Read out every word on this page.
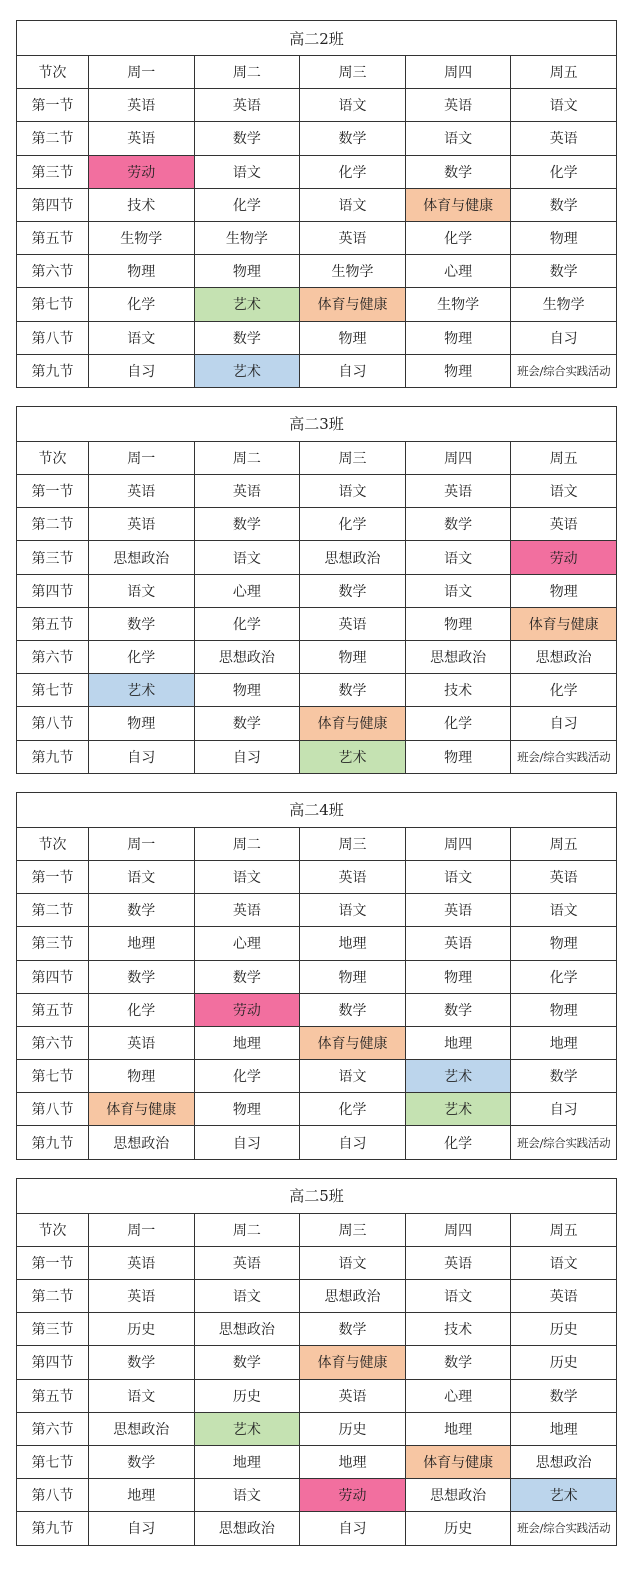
高二2班					
节次	周一	周二	周三	周四	周五
第一节	英语	英语	语文	英语	语文
第二节	英语	数学	数学	语文	英语
第三节	劳动	语文	化学	数学	化学
第四节	技术	化学	语文	体育与健康	数学
第五节	生物学	生物学	英语	化学	物理
第六节	物理	物理	生物学	心理	数学
第七节	化学	艺术	体育与健康	生物学	生物学
第八节	语文	数学	物理	物理	自习
第九节	自习	艺术	自习	物理	班会/综合实践活动
高二3班					
节次	周一	周二	周三	周四	周五
第一节	英语	英语	语文	英语	语文
第二节	英语	数学	化学	数学	英语
第三节	思想政治	语文	思想政治	语文	劳动
第四节	语文	心理	数学	语文	物理
第五节	数学	化学	英语	物理	体育与健康
第六节	化学	思想政治	物理	思想政治	思想政治
第七节	艺术	物理	数学	技术	化学
第八节	物理	数学	体育与健康	化学	自习
第九节	自习	自习	艺术	物理	班会/综合实践活动
高二4班					
节次	周一	周二	周三	周四	周五
第一节	语文	语文	英语	语文	英语
第二节	数学	英语	语文	英语	语文
第三节	地理	心理	地理	英语	物理
第四节	数学	数学	物理	物理	化学
第五节	化学	劳动	数学	数学	物理
第六节	英语	地理	体育与健康	地理	地理
第七节	物理	化学	语文	艺术	数学
第八节	体育与健康	物理	化学	艺术	自习
第九节	思想政治	自习	自习	化学	班会/综合实践活动
高二5班					
节次	周一	周二	周三	周四	周五
第一节	英语	英语	语文	英语	语文
第二节	英语	语文	思想政治	语文	英语
第三节	历史	思想政治	数学	技术	历史
第四节	数学	数学	体育与健康	数学	历史
第五节	语文	历史	英语	心理	数学
第六节	思想政治	艺术	历史	地理	地理
第七节	数学	地理	地理	体育与健康	思想政治
第八节	地理	语文	劳动	思想政治	艺术
第九节	自习	思想政治	自习	历史	班会/综合实践活动
